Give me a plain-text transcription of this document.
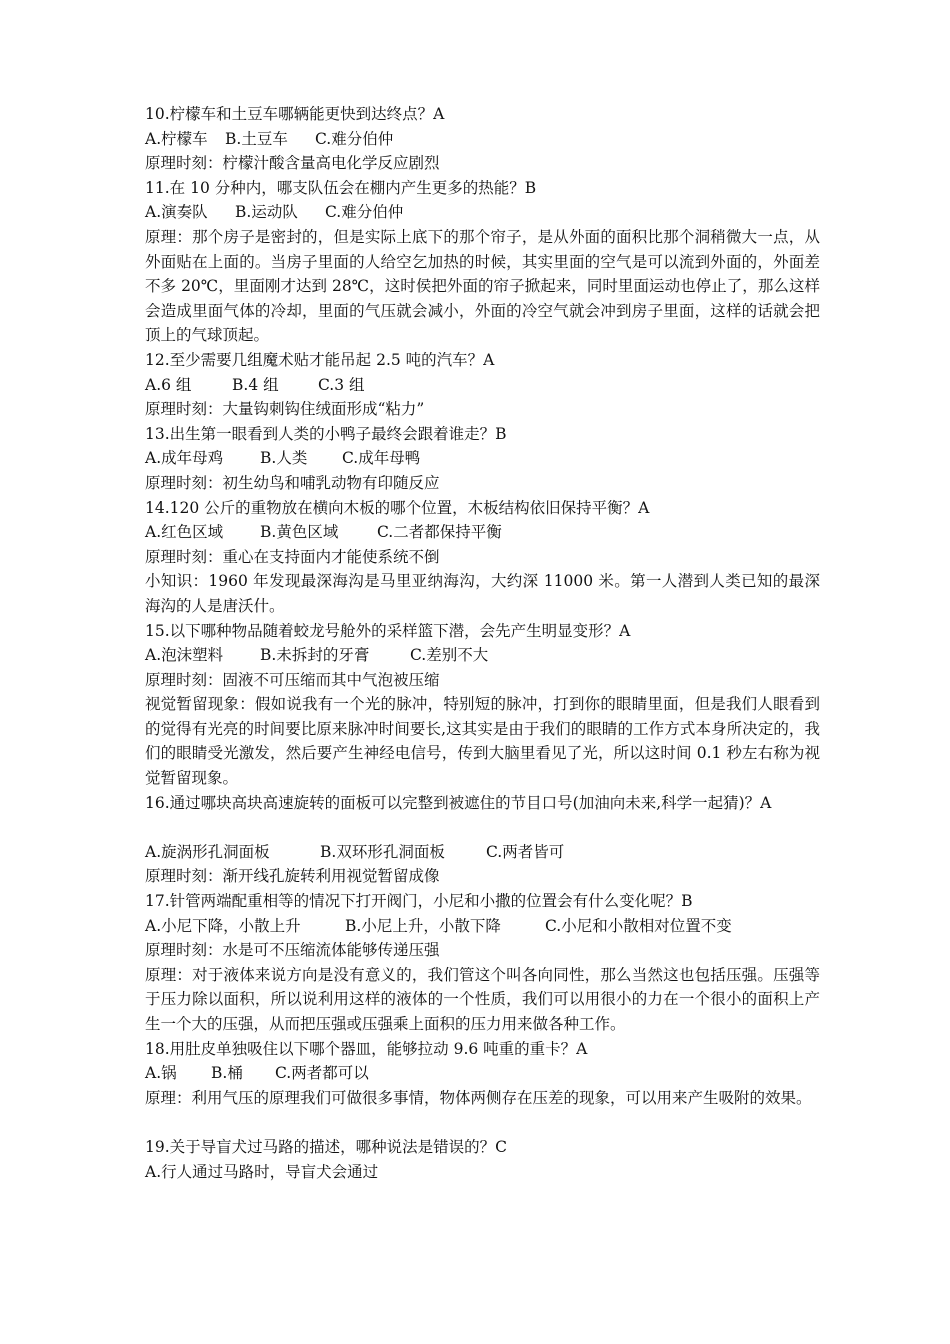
10.柠檬车和土豆车哪辆能更快到达终点？A
A.柠檬车 B.土豆车 C.难分伯仲
原理时刻：柠檬汁酸含量高电化学反应剧烈
11.在 10 分种内，哪支队伍会在棚内产生更多的热能？B
A.演奏队 B.运动队 C.难分伯仲
原理：那个房子是密封的，但是实际上底下的那个帘子，是从外面的面积比那个洞稍微大一点，从外面贴在上面的。当房子里面的人给空乞加热的时候，其实里面的空气是可以流到外面的，外面差不多 20℃，里面刚才达到 28℃，这时侯把外面的帘子掀起来，同时里面运动也停止了，那么这样会造成里面气体的冷却，里面的气压就会减小，外面的冷空气就会冲到房子里面，这样的话就会把顶上的气球顶起。
12.至少需要几组魔术贴才能吊起 2.5 吨的汽车？A
A.6 组	B.4 组	C.3 组
原理时刻：大量钩刺钩住绒面形成“粘力”
13.出生第一眼看到人类的小鸭子最终会跟着谁走？B
A.成年母鸡 B.人类 C.成年母鸭
原理时刻：初生幼鸟和哺乳动物有印随反应
14.120 公斤的重物放在横向木板的哪个位置，木板结构依旧保持平衡？A
A.红色区域 B.黄色区域 C.二者都保持平衡
原理时刻：重心在支持面内才能使系统不倒
小知识：1960 年发现最深海沟是马里亚纳海沟，大约深 11000 米。第一人潜到人类已知的最深海沟的人是唐沃什。
15.以下哪种物品随着蛟龙号舱外的采样篮下潜，会先产生明显变形？A
A.泡沫塑料 B.未拆封的牙膏	C.差别不大
原理时刻：固液不可压缩而其中气泡被压缩
视觉暂留现象：假如说我有一个光的脉冲，特别短的脉冲，打到你的眼睛里面，但是我们人眼看到的觉得有光亮的时间要比原来脉冲时间要长,这其实是由于我们的眼睛的工作方式本身所决定的，我们的眼睛受光激发，然后要产生神经电信号，传到大脑里看见了光，所以这时间 0.1 秒左右称为视觉暂留现象。
16.通过哪块高块高速旋转的面板可以完整到被遮住的节目口号(加油向未来,科学一起猜)？A
A.旋涡形孔洞面板	B.双环形孔洞面板	C.两者皆可
原理时刻：渐开线孔旋转利用视觉暂留成像
17.针管两端配重相等的情况下打开阀门，小尼和小撒的位置会有什么变化呢？B
A.小尼下降，小散上升	B.小尼上升，小散下降	C.小尼和小散相对位置不变
原理时刻：水是可不压缩流体能够传递压强
原理：对于液体来说方向是没有意义的，我们管这个叫各向同性，那么当然这也包括压强。压强等于压力除以面积，所以说利用这样的液体的一个性质，我们可以用很小的力在一个很小的面积上产生一个大的压强，从而把压强或压强乘上面积的压力用来做各种工作。
18.用肚皮单独吸住以下哪个器皿，能够拉动 9.6 吨重的重卡？A
A.锅 B.桶 C.两者都可以
原理：利用气压的原理我们可做很多事情，物体两侧存在压差的现象，可以用来产生吸附的效果。
19.关于导盲犬过马路的描述，哪种说法是错误的？C
A.行人通过马路时，导盲犬会通过
